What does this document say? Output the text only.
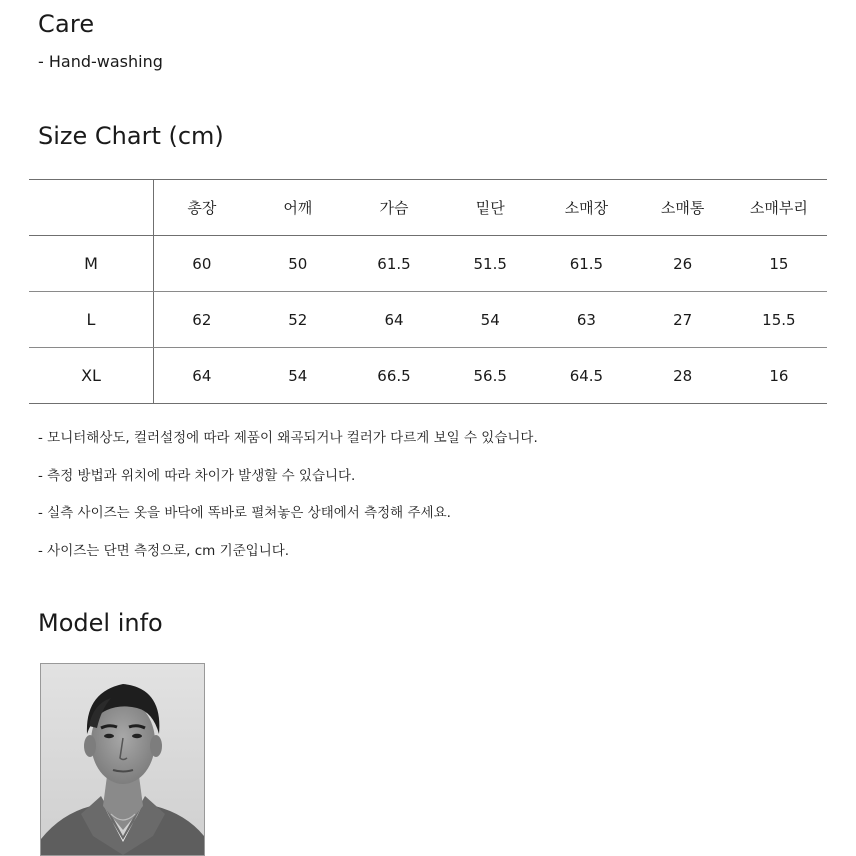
Care
- Hand-washing
Size Chart (cm)
	총장	어깨	가슴	밑단	소매장	소매통	소매부리
M	60	50	61.5	51.5	61.5	26	15
L	62	52	64	54	63	27	15.5
XL	64	54	66.5	56.5	64.5	28	16
- 모니터해상도, 컬러설정에 따라 제품이 왜곡되거나 컬러가 다르게 보일 수 있습니다.
- 측정 방법과 위치에 따라 차이가 발생할 수 있습니다.
- 실측 사이즈는 옷을 바닥에 똑바로 펼쳐놓은 상태에서 측정해 주세요.
- 사이즈는 단면 측정으로, cm 기준입니다.
Model info
